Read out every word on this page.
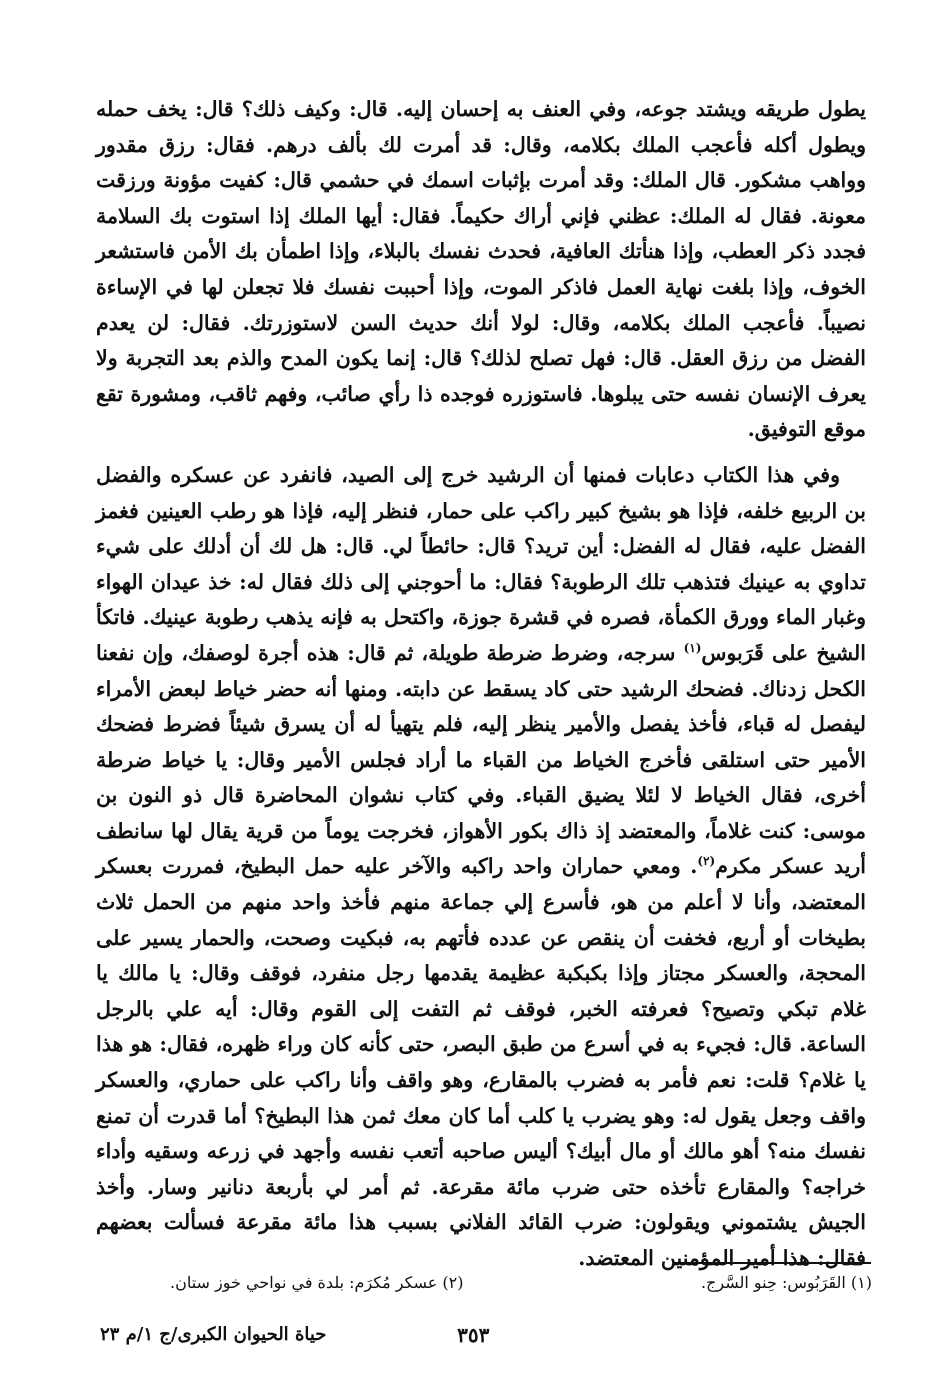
يطول طريقه ويشتد جوعه، وفي العنف به إحسان إليه. قال: وكيف ذلك؟ قال: يخف حمله ويطول أكله فأعجب الملك بكلامه، وقال: قد أمرت لك بألف درهم. فقال: رزق مقدور وواهب مشكور. قال الملك: وقد أمرت بإثبات اسمك في حشمي قال: كفيت مؤونة ورزقت معونة. فقال له الملك: عظني فإني أراك حكيماً. فقال: أيها الملك إذا استوت بك السلامة فجدد ذكر العطب، وإذا هنأتك العافية، فحدث نفسك بالبلاء، وإذا اطمأن بك الأمن فاستشعر الخوف، وإذا بلغت نهاية العمل فاذكر الموت، وإذا أحببت نفسك فلا تجعلن لها في الإساءة نصيباً. فأعجب الملك بكلامه، وقال: لولا أنك حديث السن لاستوزرتك. فقال: لن يعدم الفضل من رزق العقل. قال: فهل تصلح لذلك؟ قال: إنما يكون المدح والذم بعد التجربة ولا يعرف الإنسان نفسه حتى يبلوها. فاستوزره فوجده ذا رأي صائب، وفهم ثاقب، ومشورة تقع موقع التوفيق.

وفي هذا الكتاب دعابات فمنها أن الرشيد خرج إلى الصيد، فانفرد عن عسكره والفضل بن الربيع خلفه، فإذا هو بشيخ كبير راكب على حمار، فنظر إليه، فإذا هو رطب العينين فغمز الفضل عليه، فقال له الفضل: أين تريد؟ قال: حائطاً لي. قال: هل لك أن أدلك على شيء تداوي به عينيك فتذهب تلك الرطوبة؟ فقال: ما أحوجني إلى ذلك فقال له: خذ عيدان الهواء وغبار الماء وورق الكمأة، فصره في قشرة جوزة، واكتحل به فإنه يذهب رطوبة عينيك. فاتكأ الشيخ على قَرَبوس$^{(١)}$ سرجه، وضرط ضرطة طويلة، ثم قال: هذه أجرة لوصفك، وإن نفعنا الكحل زدناك. فضحك الرشيد حتى كاد يسقط عن دابته. ومنها أنه حضر خياط لبعض الأمراء ليفصل له قباء، فأخذ يفصل والأمير ينظر إليه، فلم يتهيأ له أن يسرق شيئاً فضرط فضحك الأمير حتى استلقى فأخرج الخياط من القباء ما أراد فجلس الأمير وقال: يا خياط ضرطة أخرى، فقال الخياط لا لئلا يضيق القباء. وفي كتاب نشوان المحاضرة قال ذو النون بن موسى: كنت غلاماً، والمعتضد إذ ذاك بكور الأهواز، فخرجت يوماً من قرية يقال لها سانطف أريد عسكر مكرم$^{(٢)}$. ومعي حماران واحد راكبه والآخر عليه حمل البطيخ، فمررت بعسكر المعتضد، وأنا لا أعلم من هو، فأسرع إلي جماعة منهم فأخذ واحد منهم من الحمل ثلاث بطيخات أو أربع، فخفت أن ينقص عن عدده فأتهم به، فبكيت وصحت، والحمار يسير على المحجة، والعسكر مجتاز وإذا بكبكبة عظيمة يقدمها رجل منفرد، فوقف وقال: يا مالك يا غلام تبكي وتصيح؟ فعرفته الخبر، فوقف ثم التفت إلى القوم وقال: أيه علي بالرجل الساعة. قال: فجيء به في أسرع من طبق البصر، حتى كأنه كان وراء ظهره، فقال: هو هذا يا غلام؟ قلت: نعم فأمر به فضرب بالمقارع، وهو واقف وأنا راكب على حماري، والعسكر واقف وجعل يقول له: وهو يضرب يا كلب أما كان معك ثمن هذا البطيخ؟ أما قدرت أن تمنع نفسك منه؟ أهو مالك أو مال أبيك؟ أليس صاحبه أتعب نفسه وأجهد في زرعه وسقيه وأداء خراجه؟ والمقارع تأخذه حتى ضرب مائة مقرعة. ثم أمر لي بأربعة دنانير وسار. وأخذ الجيش يشتموني ويقولون: ضرب القائد الفلاني بسبب هذا مائة مقرعة فسألت بعضهم فقال: هذا أمير المؤمنين المعتضد.

(١) القَرَبُوس: حِنو السَّرج.
(٢) عسكر مُكرَم: بلدة في نواحي خوز ستان.
٣٥٣
حياة الحيوان الكبرى/ج ١/م ٢٣
